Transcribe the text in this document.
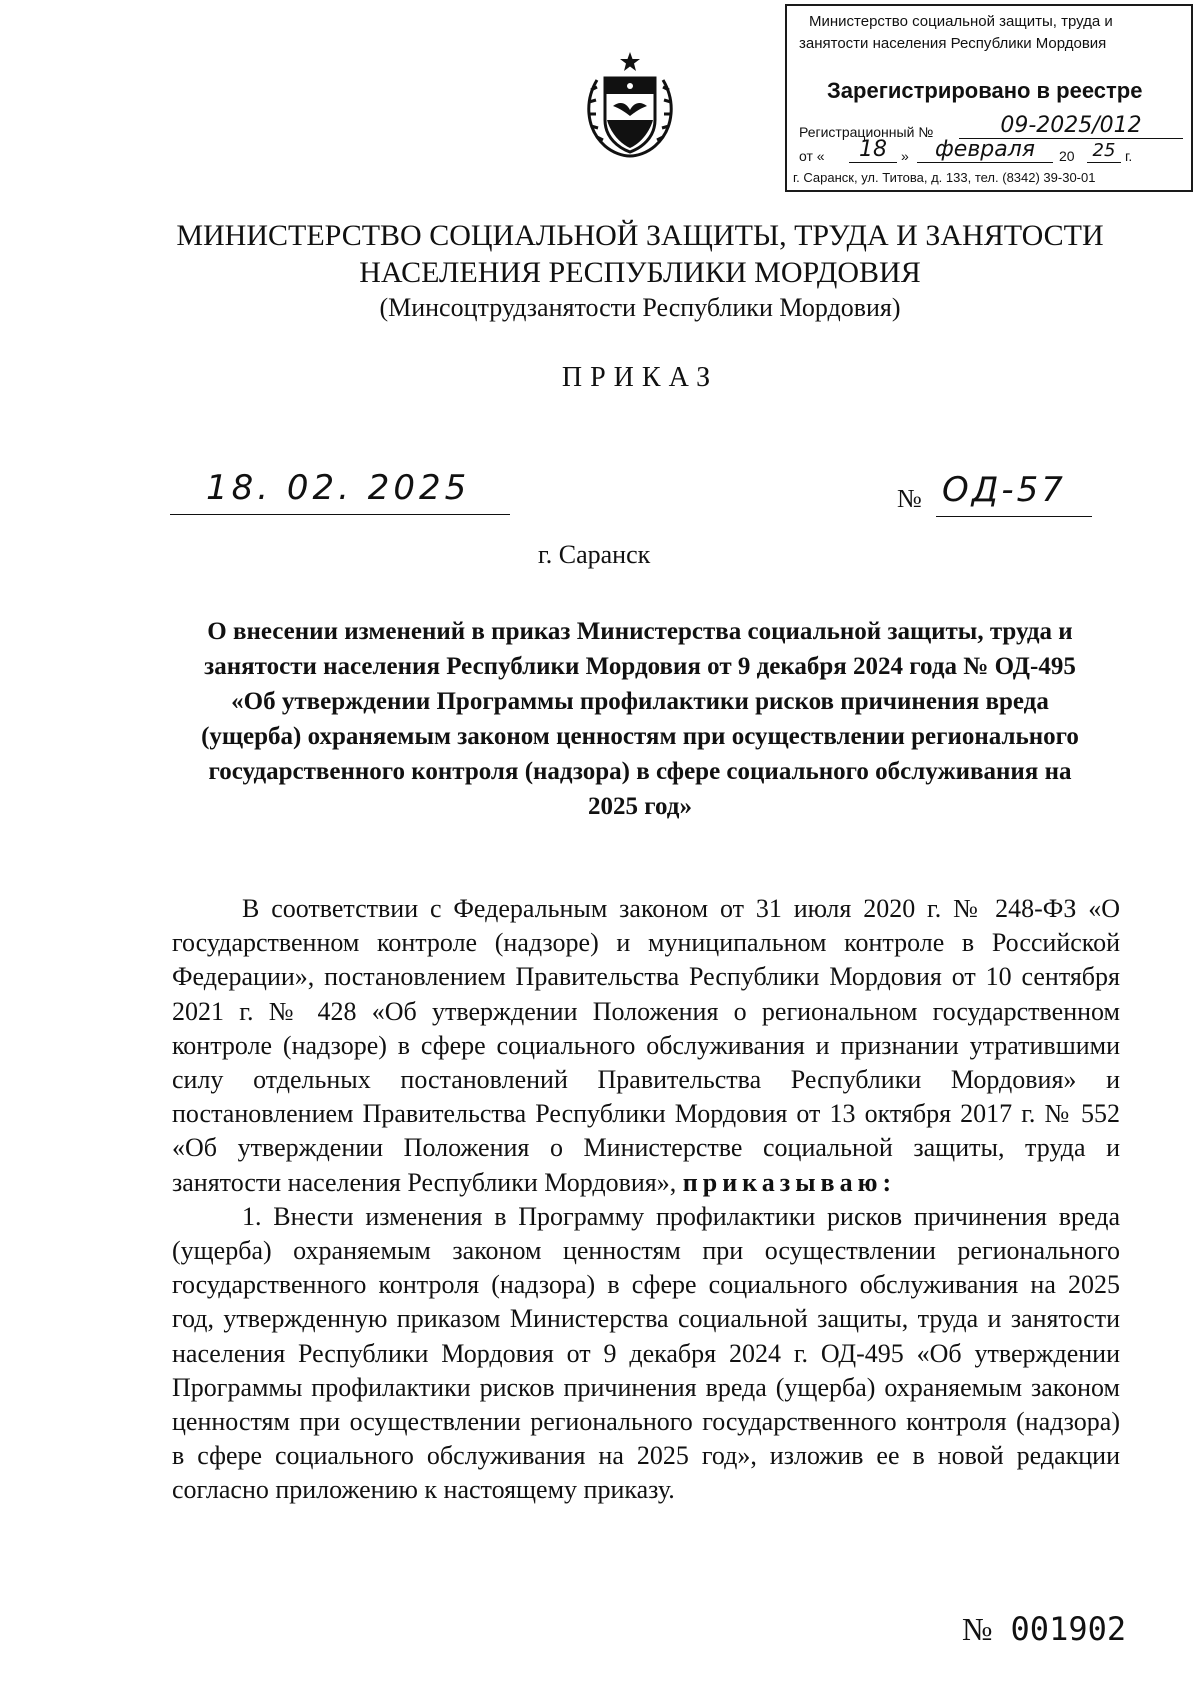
Министерство социальной защиты, труда и
занятости населения Республики Мордовия
Зарегистрировано в реестре
Регистрационный №	09-2025/012
от «	18	»	февраля	20 25 г.
г. Саранск, ул. Титова, д. 133, тел. (8342) 39-30-01
МИНИСТЕРСТВО СОЦИАЛЬНОЙ ЗАЩИТЫ, ТРУДА И ЗАНЯТОСТИ
НАСЕЛЕНИЯ РЕСПУБЛИКИ МОРДОВИЯ
(Минсоцтрудзанятости Республики Мордовия)
ПРИКАЗ
18. 02. 2025	№ ОД-57
г. Саранск

О внесении изменений в приказ Министерства социальной защиты, труда и занятости населения Республики Мордовия от 9 декабря 2024 года № ОД-495 «Об утверждении Программы профилактики рисков причинения вреда (ущерба) охраняемым законом ценностям при осуществлении регионального государственного контроля (надзора) в сфере социального обслуживания на 2025 год»

В соответствии с Федеральным законом от 31 июля 2020 г. № 248-ФЗ «О государственном контроле (надзоре) и муниципальном контроле в Российской Федерации», постановлением Правительства Республики Мордовия от 10 сентября 2021 г. № 428 «Об утверждении Положения о региональном государственном контроле (надзоре) в сфере социального обслуживания и признании утратившими силу отдельных постановлений Правительства Республики Мордовия» и постановлением Правительства Республики Мордовия от 13 октября 2017 г. № 552 «Об утверждении Положения о Министерстве социальной защиты, труда и занятости населения Республики Мордовия», приказываю:

1. Внести изменения в Программу профилактики рисков причинения вреда (ущерба) охраняемым законом ценностям при осуществлении регионального государственного контроля (надзора) в сфере социального обслуживания на 2025 год, утвержденную приказом Министерства социальной защиты, труда и занятости населения Республики Мордовия от 9 декабря 2024 г. ОД-495 «Об утверждении Программы профилактики рисков причинения вреда (ущерба) охраняемым законом ценностям при осуществлении регионального государственного контроля (надзора) в сфере социального обслуживания на 2025 год», изложив ее в новой редакции согласно приложению к настоящему приказу.

№ 001902
